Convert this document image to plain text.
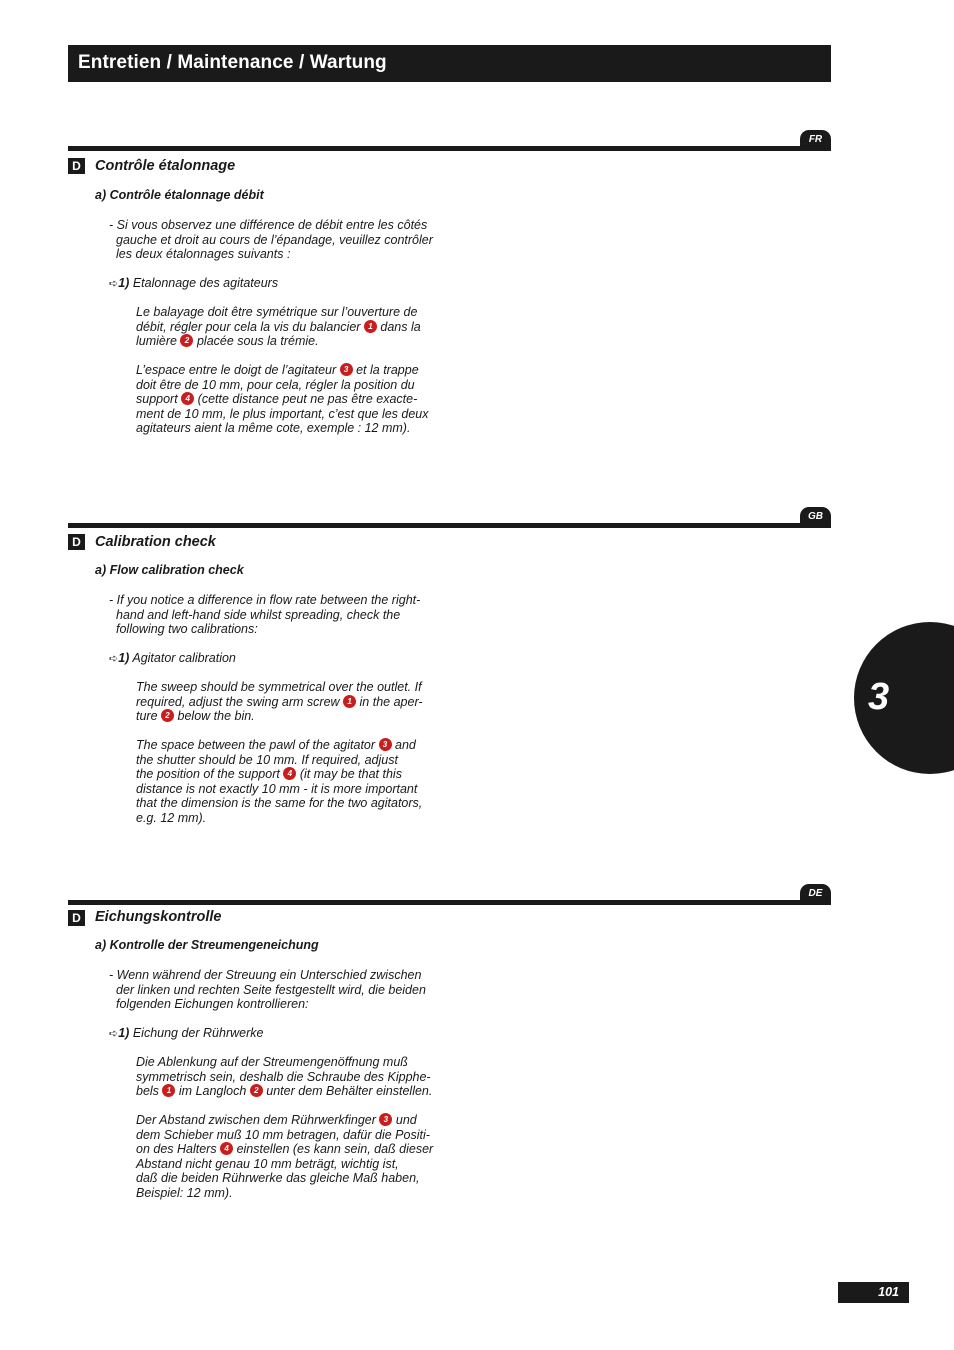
Entretien / Maintenance / Wartung
FR
D Contrôle étalonnage
a) Contrôle étalonnage débit
- Si vous observez une différence de débit entre les côtés
gauche et droit au cours de l’épandage, veuillez contrôler
les deux étalonnages suivants :
➪1) Etalonnage des agitateurs
Le balayage doit être symétrique sur l’ouverture de
débit, régler pour cela la vis du balancier 1 dans la
lumière 2 placée sous la trémie.
L’espace entre le doigt de l’agitateur 3 et la trappe
doit être de 10 mm, pour cela, régler la position du
support 4 (cette distance peut ne pas être exacte-
ment de 10 mm, le plus important, c’est que les deux
agitateurs aient la même cote, exemple : 12 mm).
GB
D Calibration check
a) Flow calibration check
- If you notice a difference in flow rate between the right-
hand and left-hand side whilst spreading, check the
following two calibrations:
➪1) Agitator calibration
The sweep should be symmetrical over the outlet. If
required, adjust the swing arm screw 1 in the aper-
ture 2 below the bin.
The space between the pawl of the agitator 3 and
the shutter should be 10 mm. If required, adjust
the position of the support 4 (it may be that this
distance is not exactly 10 mm - it is more important
that the dimension is the same for the two agitators,
e.g. 12 mm).
DE
D Eichungskontrolle
a) Kontrolle der Streumengeneichung
- Wenn während der Streuung ein Unterschied zwischen
der linken und rechten Seite festgestellt wird, die beiden
folgenden Eichungen kontrollieren:
➪1) Eichung der Rührwerke
Die Ablenkung auf der Streumengenöffnung muß
symmetrisch sein, deshalb die Schraube des Kipphe-
bels 1 im Langloch 2 unter dem Behälter einstellen.
Der Abstand zwischen dem Rührwerkfinger 3 und
dem Schieber muß 10 mm betragen, dafür die Positi-
on des Halters 4 einstellen (es kann sein, daß dieser
Abstand nicht genau 10 mm beträgt, wichtig ist,
daß die beiden Rührwerke das gleiche Maß haben,
Beispiel: 12 mm).
3
101
